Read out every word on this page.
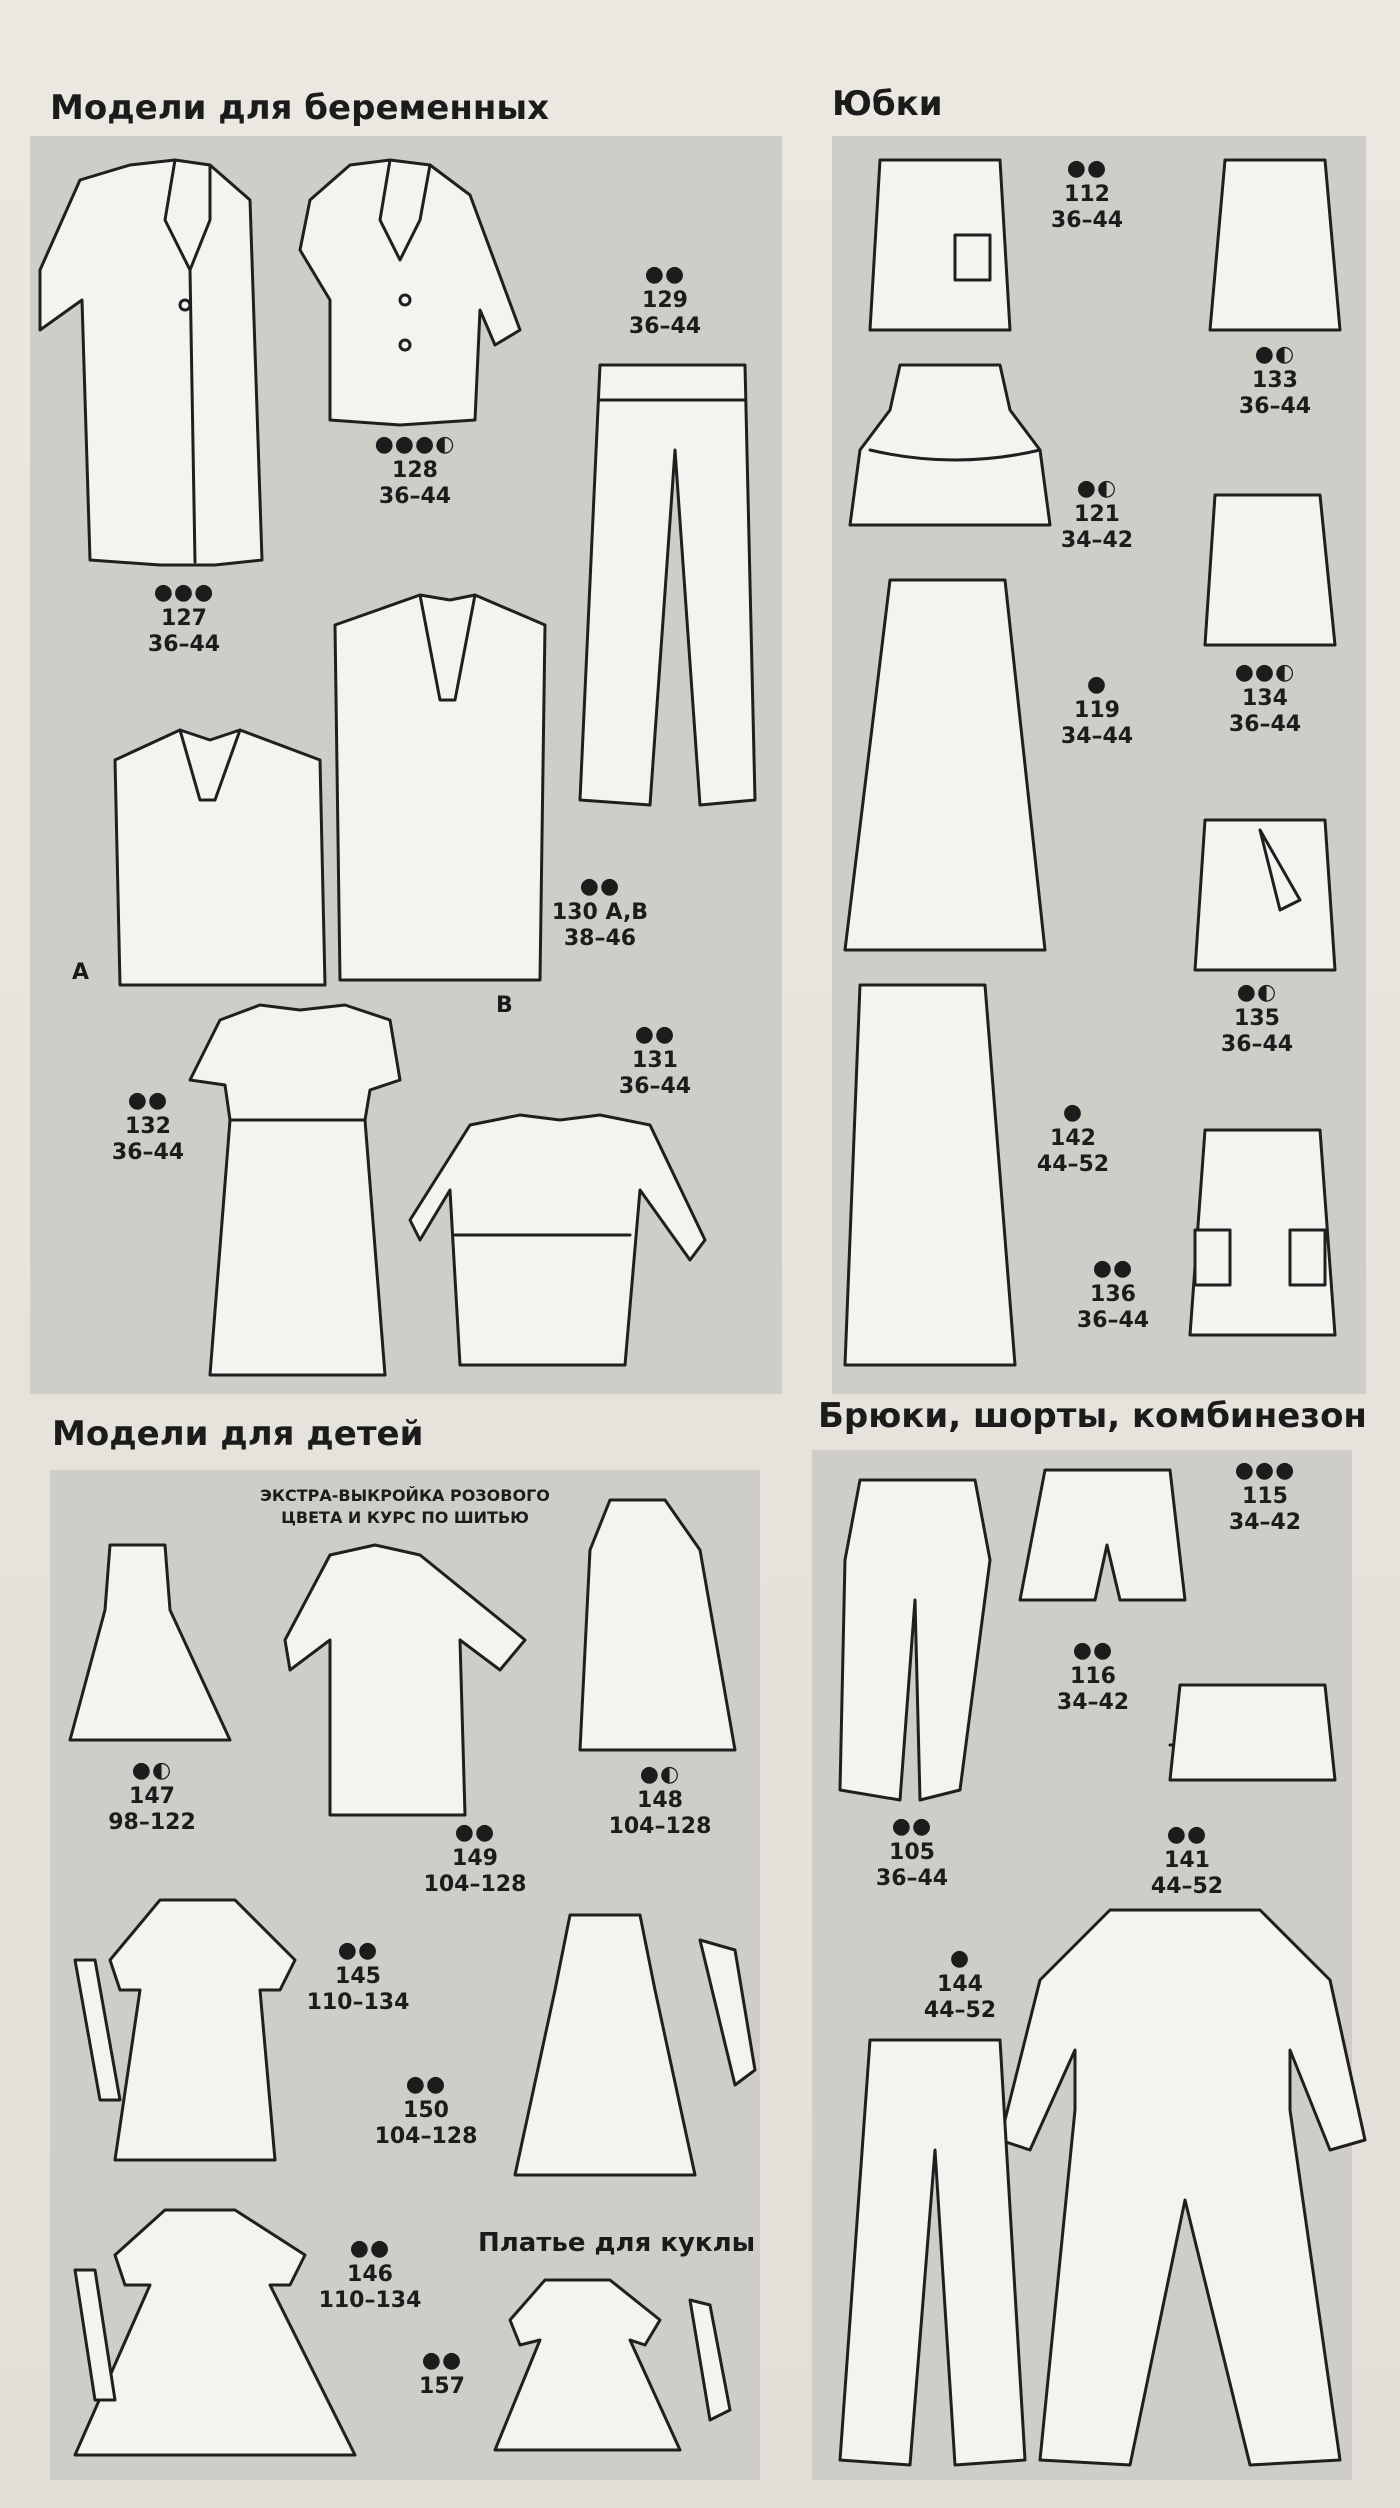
Модели для беременных	Юбки
Модели для детей	Брюки, шорты, комбинезон
A
B
ЭКСТРА-ВЫКРОЙКА РОЗОВОГО
ЦВЕТА И КУРС ПО ШИТЬЮ
Платье для куклы
●●●
127
36–44
●●●◐
128
36–44
●●
129
36–44
●●
130 A,B
38–46
●●
131
36–44
●●
132
36–44
●●
112
36–44
●◐
133
36–44
●◐
121
34–42
●
119
34–44
●●◐
134
36–44
●◐
135
36–44
●
142
44–52
●●
136
36–44
●◐
147
98–122	●●
149
104–128
●◐
148
104–128
●●
145
110–134
●●
150
104–128
●●
146
110–134
●●
157
●●●
115
34–42
●●
116
34–42
●●
105
36–44
●●
141
44–52
●
144
44–52
